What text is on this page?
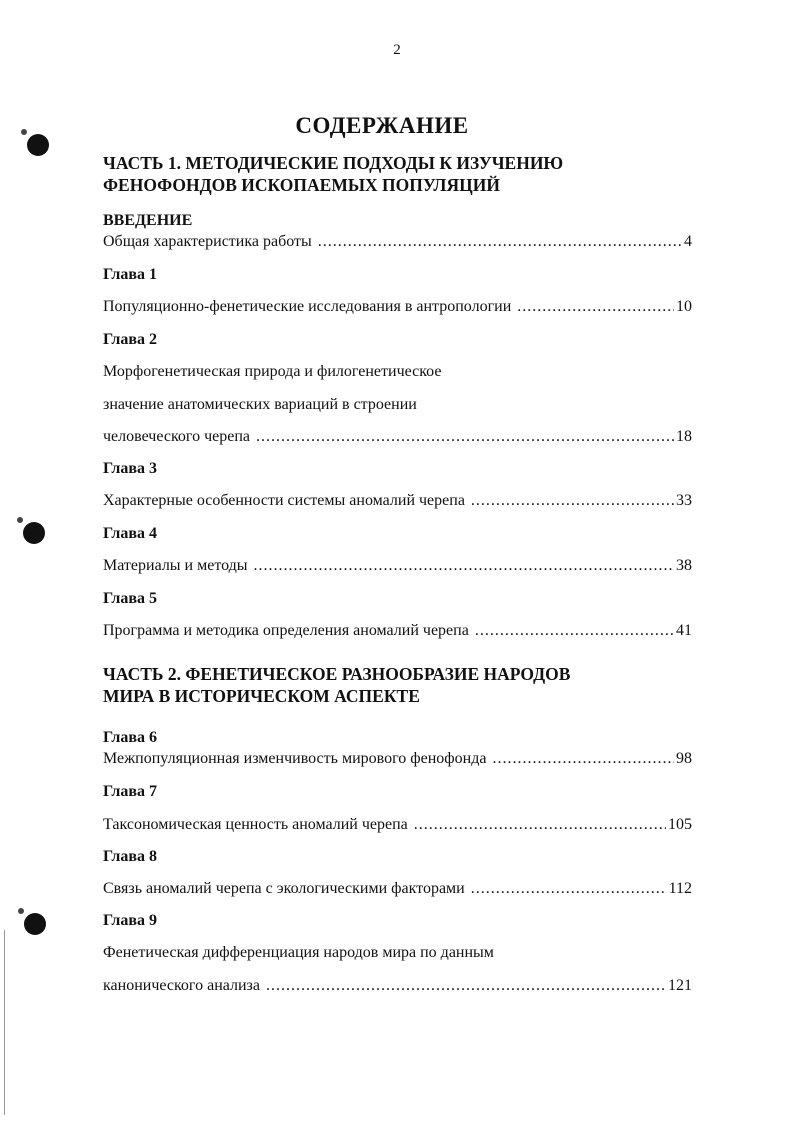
2
СОДЕРЖАНИЕ
ЧАСТЬ 1. МЕТОДИЧЕСКИЕ ПОДХОДЫ К ИЗУЧЕНИЮ
ФЕНОФОНДОВ ИСКОПАЕМЫХ ПОПУЛЯЦИЙ
ВВЕДЕНИЕ
Общая характеристика работы .....	4
Глава 1
Популяционно-фенетические исследования в антропологии .....	10
Глава 2
Морфогенетическая природа и филогенетическое
значение анатомических вариаций в строении
человеческого черепа .....	18
Глава 3
Характерные особенности системы аномалий черепа .....	33
Глава 4
Материалы и методы .....	38
Глава 5
Программа и методика определения аномалий черепа .....	41
ЧАСТЬ 2. ФЕНЕТИЧЕСКОЕ РАЗНООБРАЗИЕ НАРОДОВ
МИРА В ИСТОРИЧЕСКОМ АСПЕКТЕ
Глава 6
Межпопуляционная изменчивость мирового фенофонда .....	98
Глава 7
Таксономическая ценность аномалий черепа .....	105
Глава 8
Связь аномалий черепа с экологическими факторами .....	112
Глава 9
Фенетическая дифференциация народов мира по данным
канонического анализа .....	121
